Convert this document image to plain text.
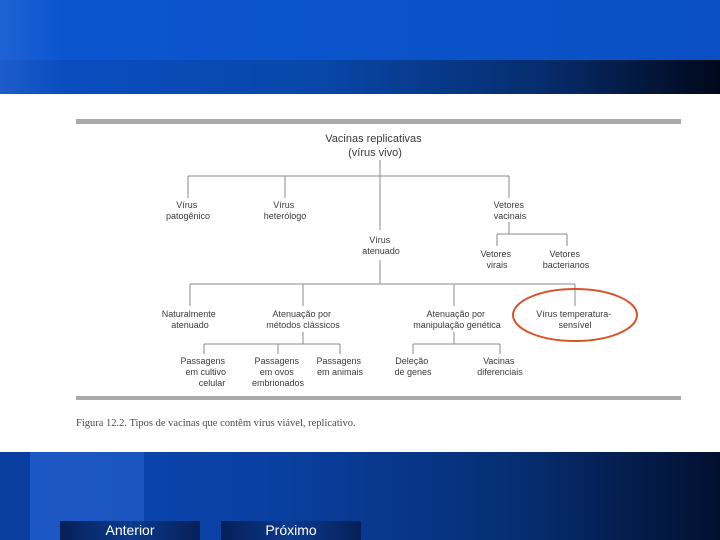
Vacinas replicativas (vírus vivo)
Vírus patogênico
Vírus heterólogo
Vírus atenuado
Vetores vacinais
Vetores virais
Vetores bacterianos
Naturalmente atenuado
Atenuação por métodos clássicos
Atenuação por manipulação genética
Vírus temperatura- sensível
Passagens em cultivo celular
Passagens em ovos embrionados
Passagens em animais
Deleção de genes
Vacinas diferenciais
Figura 12.2. Tipos de vacinas que contêm vírus viável, replicativo.
Anterior	Próximo
